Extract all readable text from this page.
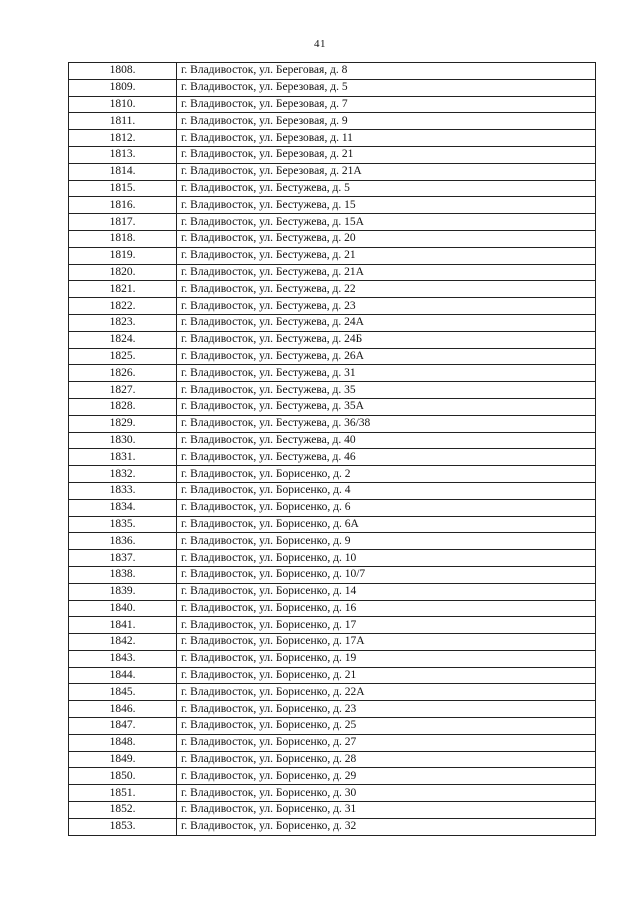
41
1808.	г. Владивосток, ул. Береговая, д. 8
1809.	г. Владивосток, ул. Березовая, д. 5
1810.	г. Владивосток, ул. Березовая, д. 7
1811.	г. Владивосток, ул. Березовая, д. 9
1812.	г. Владивосток, ул. Березовая, д. 11
1813.	г. Владивосток, ул. Березовая, д. 21
1814.	г. Владивосток, ул. Березовая, д. 21А
1815.	г. Владивосток, ул. Бестужева, д. 5
1816.	г. Владивосток, ул. Бестужева, д. 15
1817.	г. Владивосток, ул. Бестужева, д. 15А
1818.	г. Владивосток, ул. Бестужева, д. 20
1819.	г. Владивосток, ул. Бестужева, д. 21
1820.	г. Владивосток, ул. Бестужева, д. 21А
1821.	г. Владивосток, ул. Бестужева, д. 22
1822.	г. Владивосток, ул. Бестужева, д. 23
1823.	г. Владивосток, ул. Бестужева, д. 24А
1824.	г. Владивосток, ул. Бестужева, д. 24Б
1825.	г. Владивосток, ул. Бестужева, д. 26А
1826.	г. Владивосток, ул. Бестужева, д. 31
1827.	г. Владивосток, ул. Бестужева, д. 35
1828.	г. Владивосток, ул. Бестужева, д. 35А
1829.	г. Владивосток, ул. Бестужева, д. 36/38
1830.	г. Владивосток, ул. Бестужева, д. 40
1831.	г. Владивосток, ул. Бестужева, д. 46
1832.	г. Владивосток, ул. Борисенко, д. 2
1833.	г. Владивосток, ул. Борисенко, д. 4
1834.	г. Владивосток, ул. Борисенко, д. 6
1835.	г. Владивосток, ул. Борисенко, д. 6А
1836.	г. Владивосток, ул. Борисенко, д. 9
1837.	г. Владивосток, ул. Борисенко, д. 10
1838.	г. Владивосток, ул. Борисенко, д. 10/7
1839.	г. Владивосток, ул. Борисенко, д. 14
1840.	г. Владивосток, ул. Борисенко, д. 16
1841.	г. Владивосток, ул. Борисенко, д. 17
1842.	г. Владивосток, ул. Борисенко, д. 17А
1843.	г. Владивосток, ул. Борисенко, д. 19
1844.	г. Владивосток, ул. Борисенко, д. 21
1845.	г. Владивосток, ул. Борисенко, д. 22А
1846.	г. Владивосток, ул. Борисенко, д. 23
1847.	г. Владивосток, ул. Борисенко, д. 25
1848.	г. Владивосток, ул. Борисенко, д. 27
1849.	г. Владивосток, ул. Борисенко, д. 28
1850.	г. Владивосток, ул. Борисенко, д. 29
1851.	г. Владивосток, ул. Борисенко, д. 30
1852.	г. Владивосток, ул. Борисенко, д. 31
1853.	г. Владивосток, ул. Борисенко, д. 32
